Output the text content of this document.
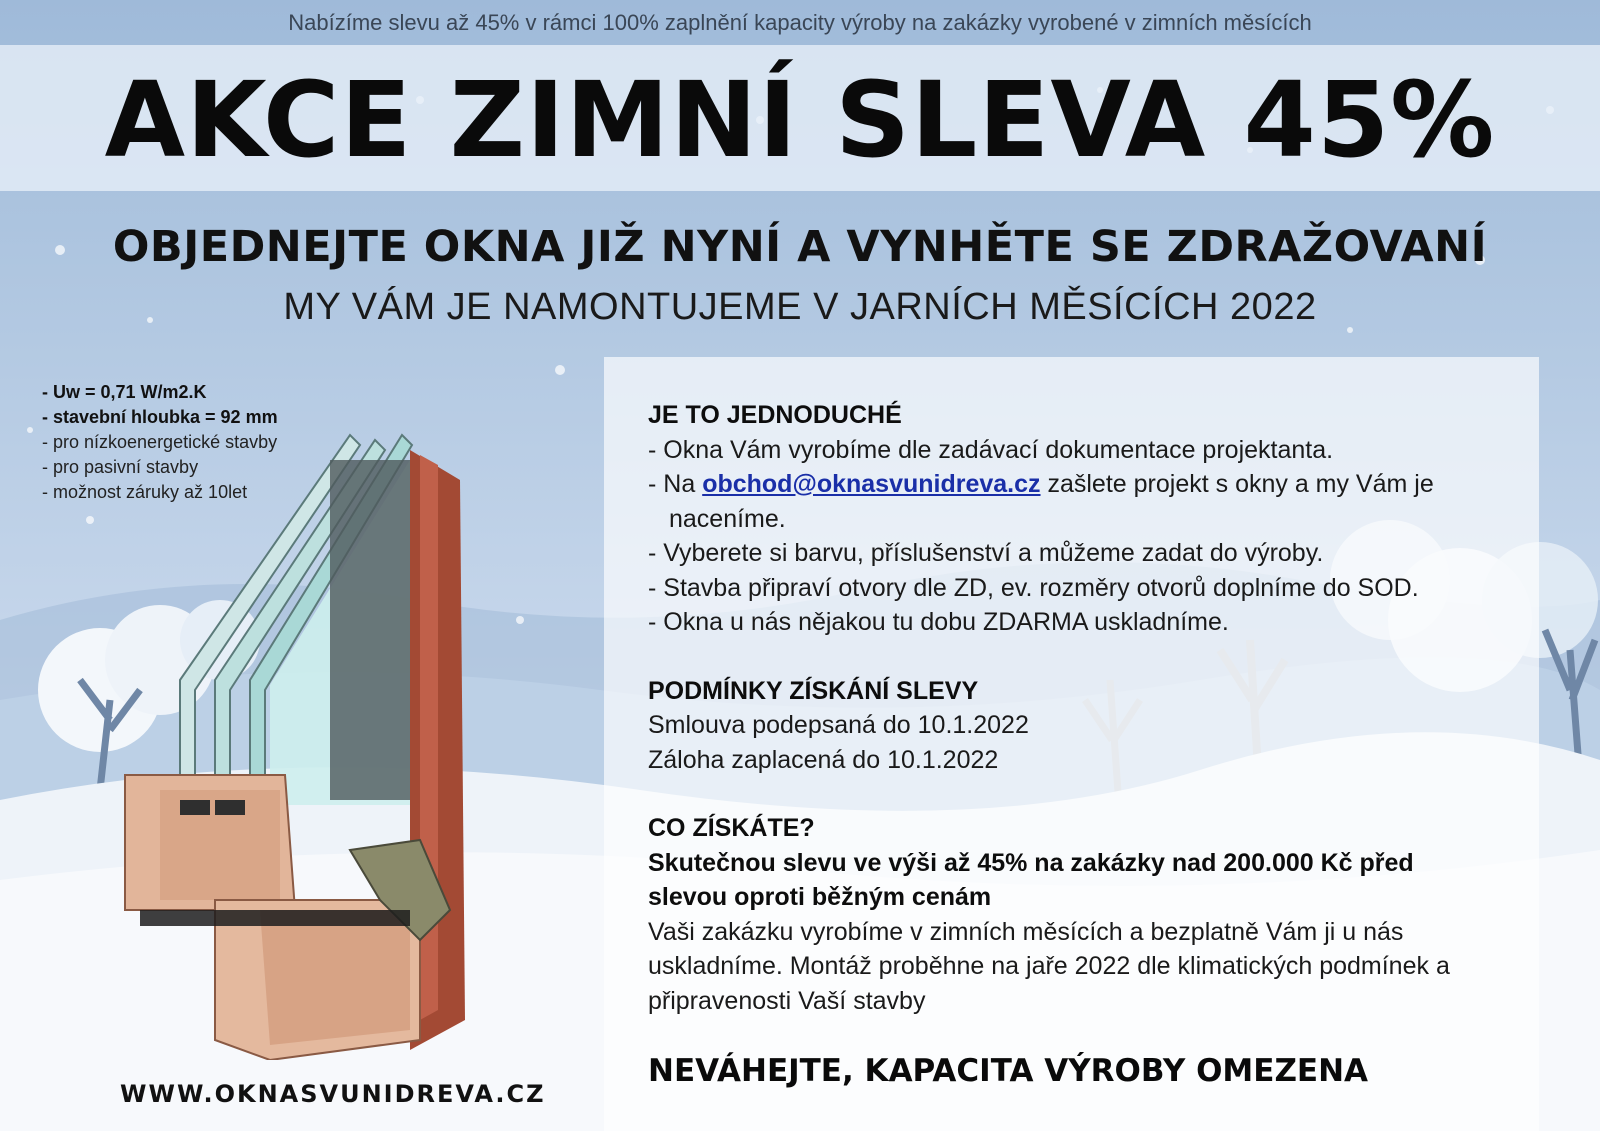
Nabízíme slevu až 45% v rámci 100% zaplnění kapacity výroby na zakázky vyrobené v zimních měsících
AKCE ZIMNÍ SLEVA 45%
OBJEDNEJTE OKNA JIŽ NYNÍ A VYNHĚTE SE ZDRAŽOVANÍ
MY VÁM JE NAMONTUJEME V JARNÍCH MĚSÍCÍCH 2022
- Uw = 0,71 W/m2.K
- stavební hloubka = 92 mm
- pro nízkoenergetické stavby
- pro pasivní stavby
- možnost záruky až 10let
JE TO JEDNODUCHÉ

- Okna Vám vyrobíme dle zadávací dokumentace projektanta.

- Na obchod@oknasvunidreva.cz zašlete projekt s okny a my Vám je naceníme.

- Vyberete si barvu, příslušenství a můžeme zadat do výroby.

- Stavba připraví otvory dle ZD, ev. rozměry otvorů doplníme do SOD.

- Okna u nás nějakou tu dobu ZDARMA uskladníme.

PODMÍNKY ZÍSKÁNÍ SLEVY

Smlouva podepsaná do 10.1.2022

Záloha zaplacená do 10.1.2022

CO ZÍSKÁTE?

Skutečnou slevu ve výši až 45% na zakázky nad 200.000 Kč před slevou oproti běžným cenám

Vaši zakázku vyrobíme v zimních měsících a bezplatně Vám ji u nás uskladníme. Montáž proběhne na jaře 2022 dle klimatických podmínek a připravenosti Vaší stavby

NEVÁHEJTE, KAPACITA VÝROBY OMEZENA
WWW.OKNASVUNIDREVA.CZ
